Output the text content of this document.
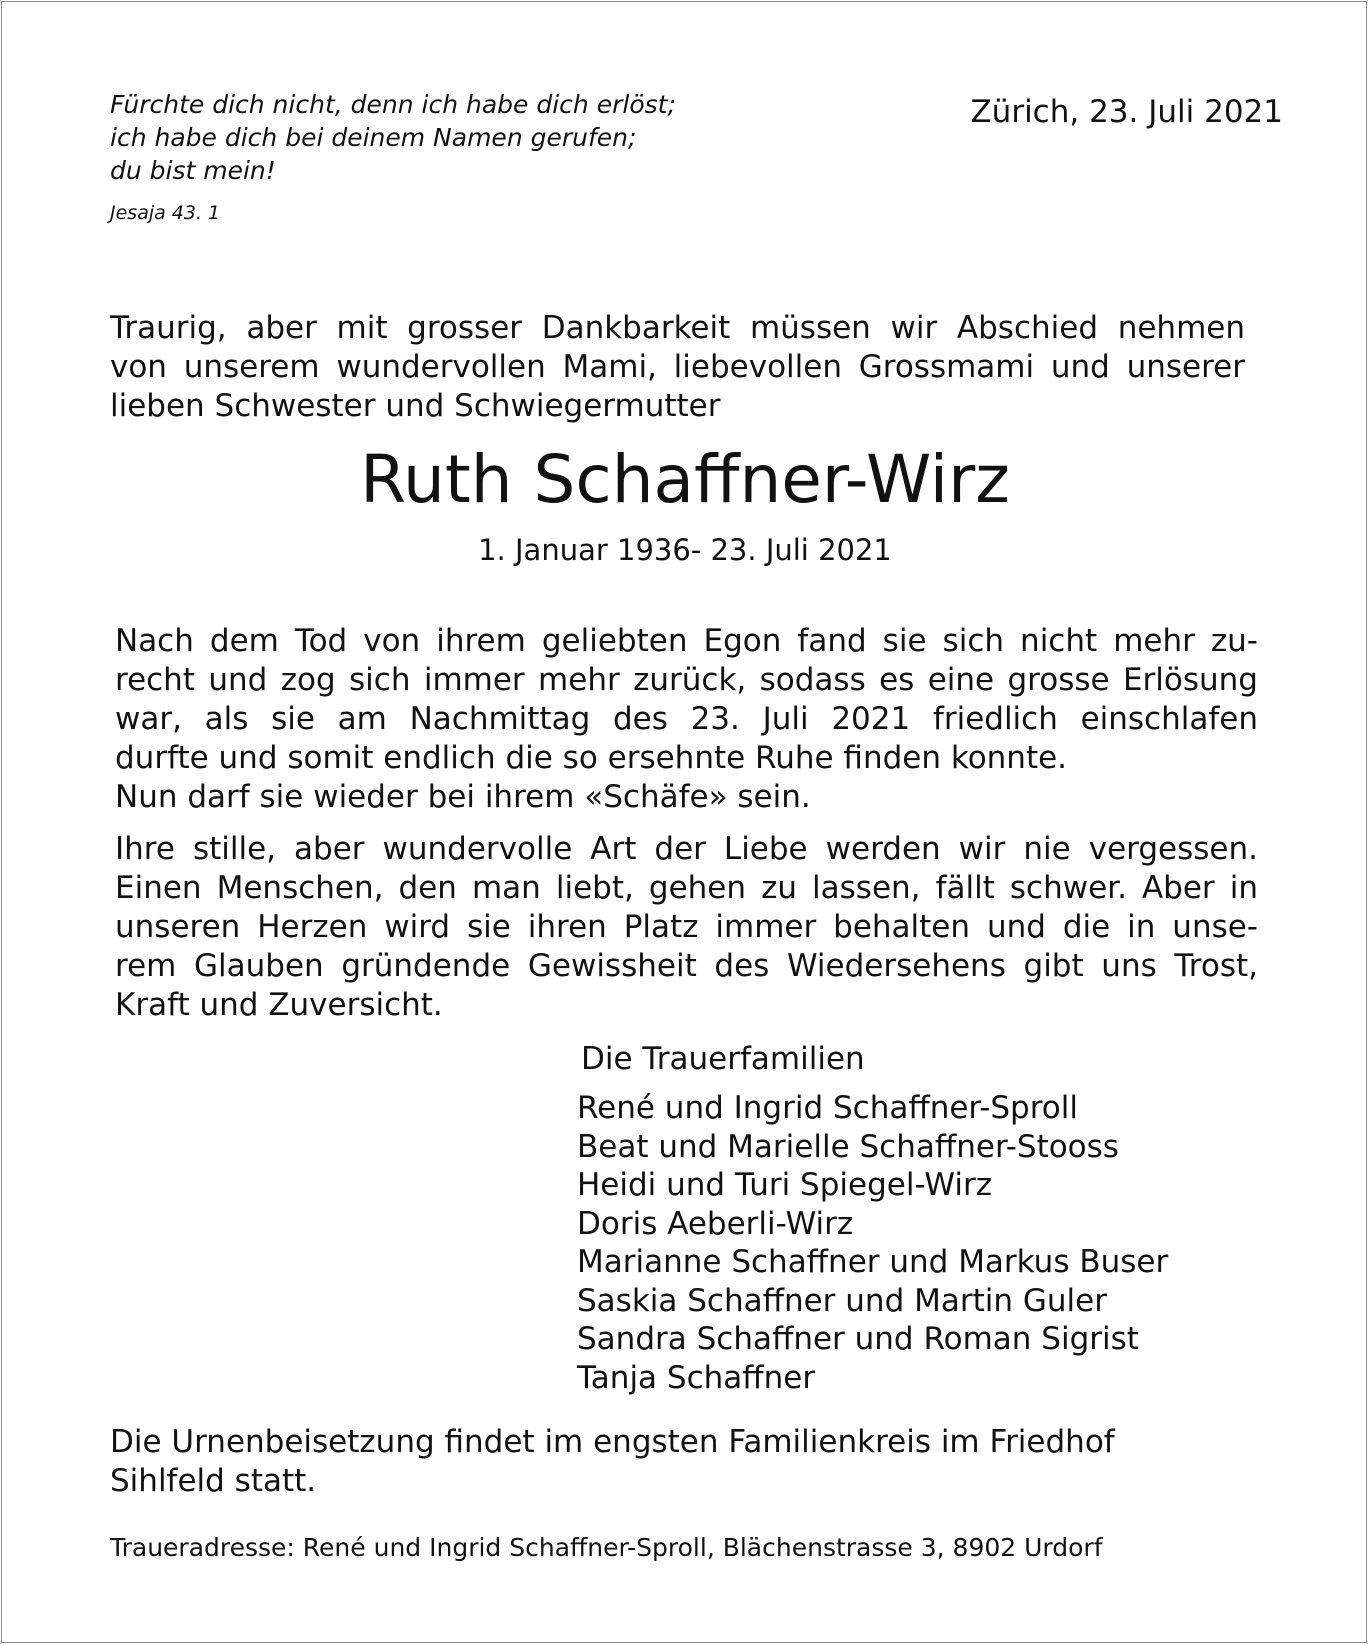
Fürchte dich nicht, denn ich habe dich erlöst;
ich habe dich bei deinem Namen gerufen;
du bist mein!
Jesaja 43. 1
Zürich, 23. Juli 2021
Traurig, aber mit grosser Dankbarkeit müssen wir Abschied nehmen
von unserem wundervollen Mami, liebevollen Grossmami und unserer
lieben Schwester und Schwiegermutter
Ruth Schaffner-Wirz
1. Januar 1936- 23. Juli 2021
Nach dem Tod von ihrem geliebten Egon fand sie sich nicht mehr zu-
recht und zog sich immer mehr zurück, sodass es eine grosse Erlösung
war, als sie am Nachmittag des 23. Juli 2021 friedlich einschlafen
durfte und somit endlich die so ersehnte Ruhe finden konnte.
Nun darf sie wieder bei ihrem «Schäfe» sein.
Ihre stille, aber wundervolle Art der Liebe werden wir nie vergessen.
Einen Menschen, den man liebt, gehen zu lassen, fällt schwer. Aber in
unseren Herzen wird sie ihren Platz immer behalten und die in unse-
rem Glauben gründende Gewissheit des Wiedersehens gibt uns Trost,
Kraft und Zuversicht.
Die Trauerfamilien
René und Ingrid Schaffner-Sproll
Beat und Marielle Schaffner-Stooss
Heidi und Turi Spiegel-Wirz
Doris Aeberli-Wirz
Marianne Schaffner und Markus Buser
Saskia Schaffner und Martin Guler
Sandra Schaffner und Roman Sigrist
Tanja Schaffner
Die Urnenbeisetzung findet im engsten Familienkreis im Friedhof
Sihlfeld statt.
Traueradresse: René und Ingrid Schaffner-Sproll, Blächenstrasse 3, 8902 Urdorf
